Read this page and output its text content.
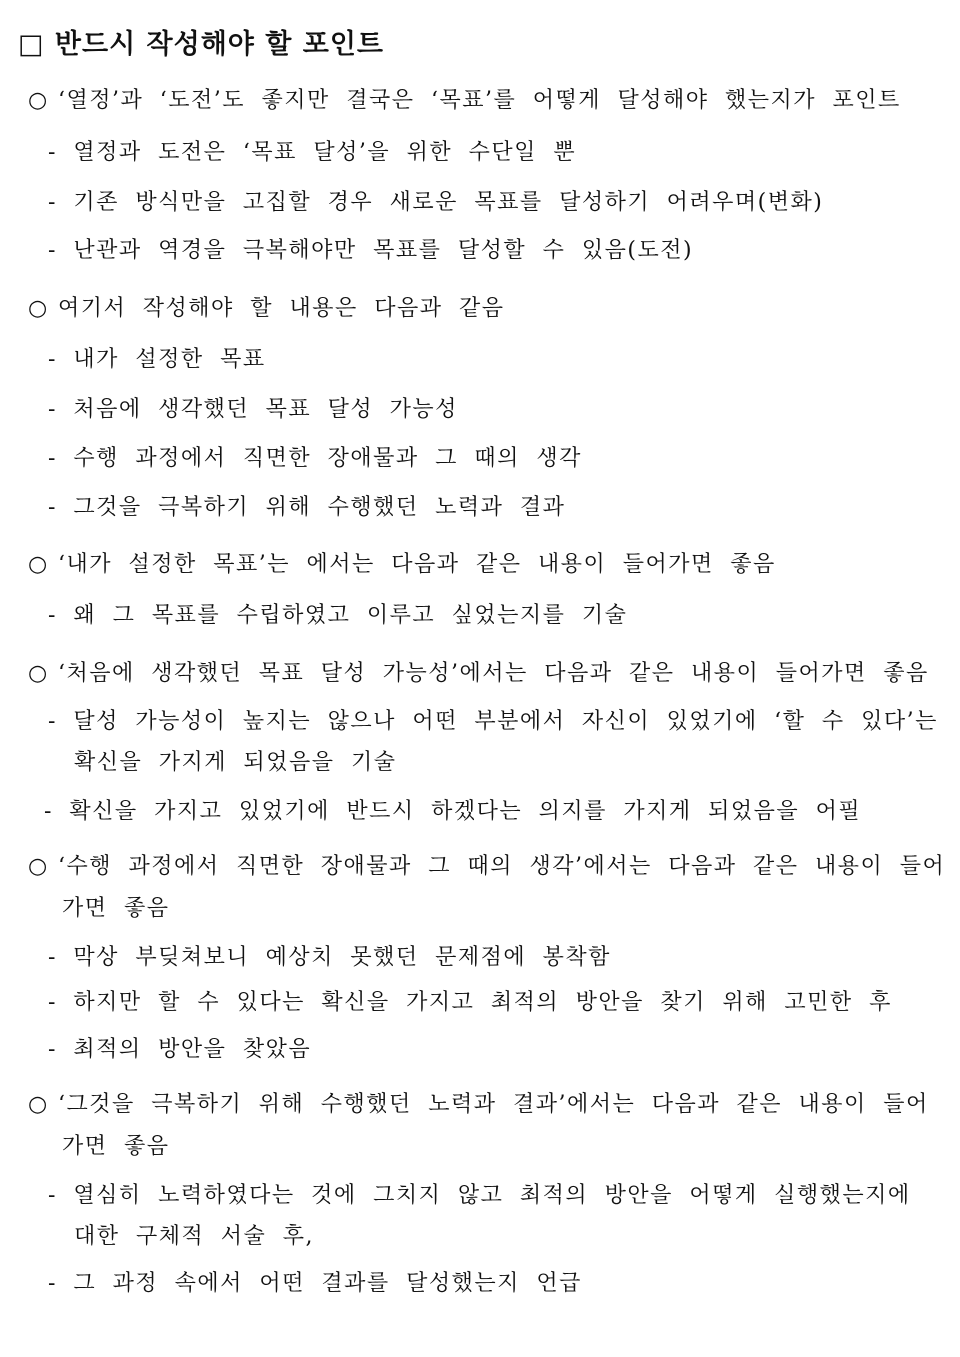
□ 반드시 작성해야 할 포인트
○ ‘열정’과 ‘도전’도 좋지만 결국은 ‘목표’를 어떻게 달성해야 했는지가 포인트
- 열정과 도전은 ‘목표 달성’을 위한 수단일 뿐
- 기존 방식만을 고집할 경우 새로운 목표를 달성하기 어려우며(변화)
- 난관과 역경을 극복해야만 목표를 달성할 수 있음(도전)
○ 여기서 작성해야 할 내용은 다음과 같음
- 내가 설정한 목표
- 처음에 생각했던 목표 달성 가능성
- 수행 과정에서 직면한 장애물과 그 때의 생각
- 그것을 극복하기 위해 수행했던 노력과 결과
○ ‘내가 설정한 목표’는 에서는 다음과 같은 내용이 들어가면 좋음
- 왜 그 목표를 수립하였고 이루고 싶었는지를 기술
○ ‘처음에 생각했던 목표 달성 가능성’에서는 다음과 같은 내용이 들어가면 좋음
- 달성 가능성이 높지는 않으나 어떤 부분에서 자신이 있었기에 ‘할 수 있다’는
확신을 가지게 되었음을 기술
- 확신을 가지고 있었기에 반드시 하겠다는 의지를 가지게 되었음을 어필
○ ‘수행 과정에서 직면한 장애물과 그 때의 생각’에서는 다음과 같은 내용이 들어
가면 좋음
- 막상 부딪쳐보니 예상치 못했던 문제점에 봉착함
- 하지만 할 수 있다는 확신을 가지고 최적의 방안을 찾기 위해 고민한 후
- 최적의 방안을 찾았음
○ ‘그것을 극복하기 위해 수행했던 노력과 결과’에서는 다음과 같은 내용이 들어
가면 좋음
- 열심히 노력하였다는 것에 그치지 않고 최적의 방안을 어떻게 실행했는지에
대한 구체적 서술 후,
- 그 과정 속에서 어떤 결과를 달성했는지 언급
